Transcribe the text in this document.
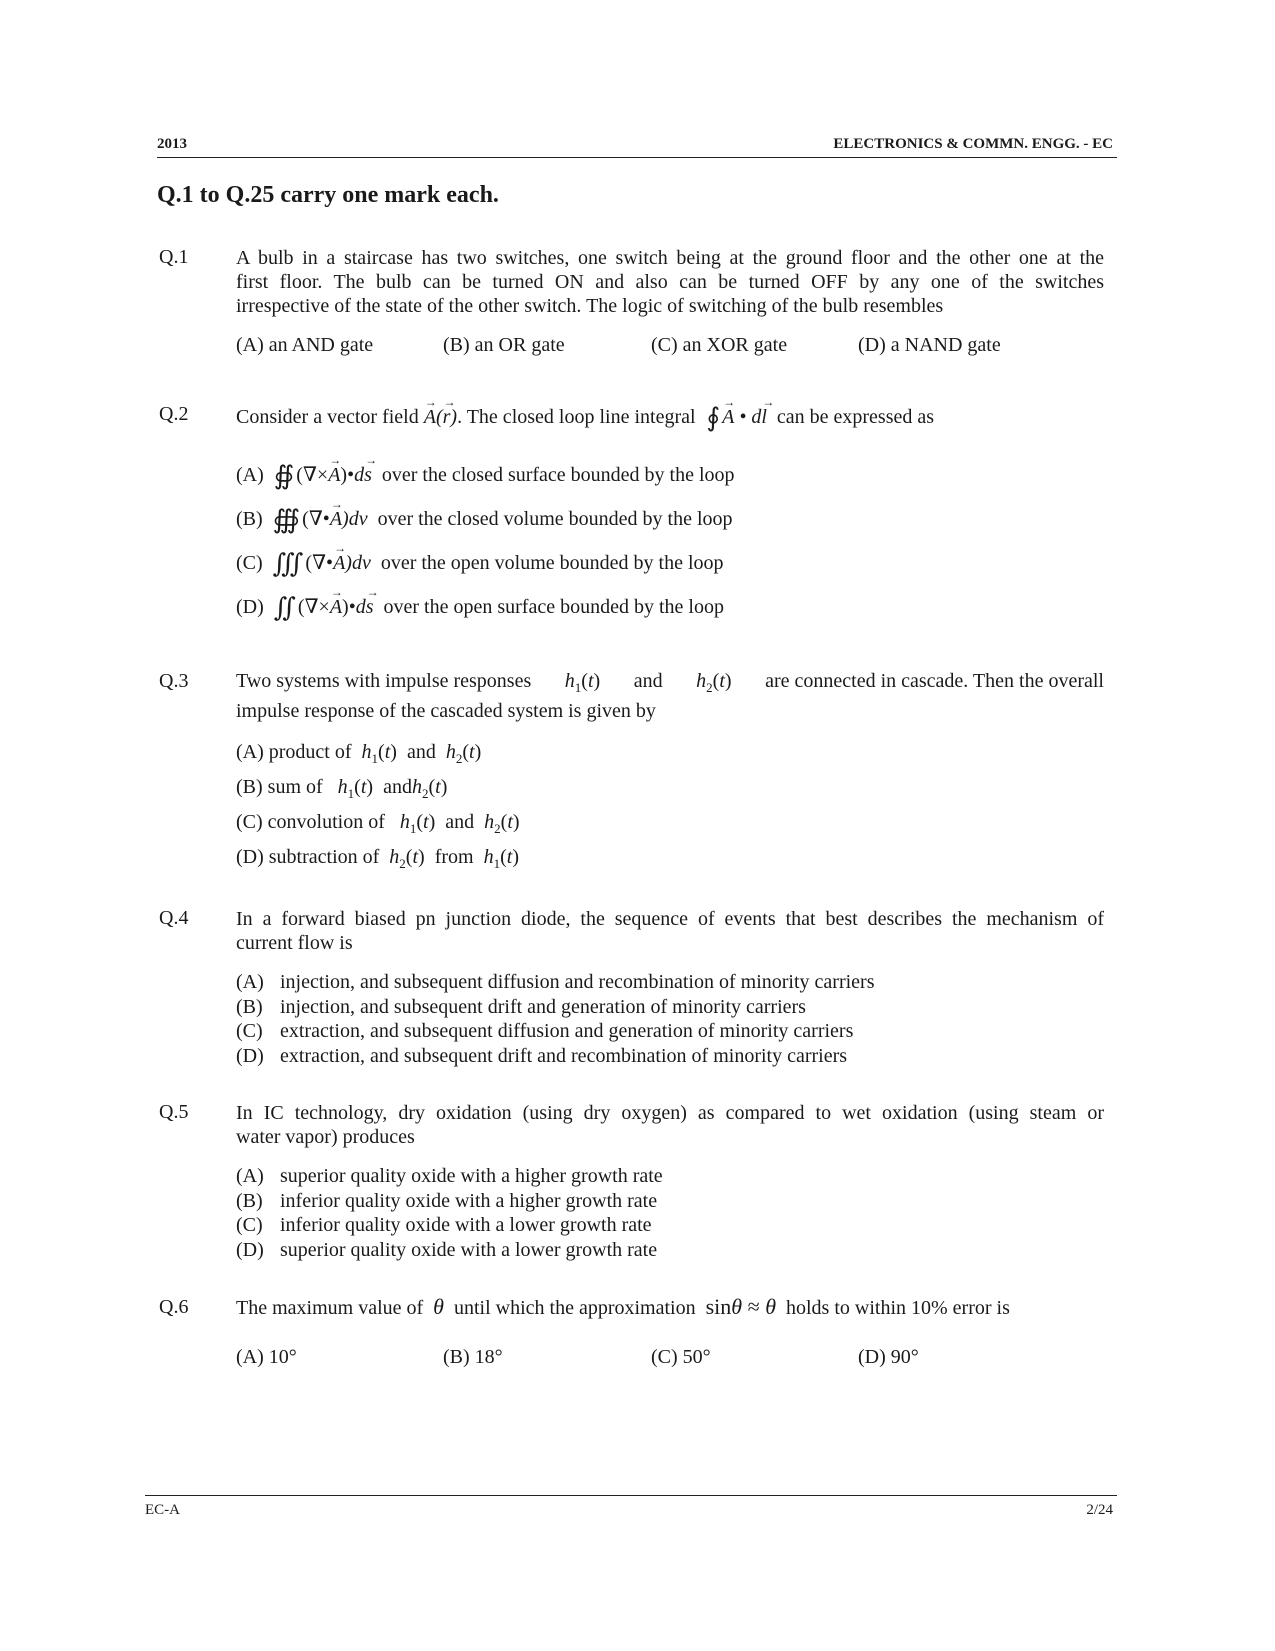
2013	ELECTRONICS & COMMN. ENGG. - EC
Q.1 to Q.25 carry one mark each.
Q.1 A bulb in a staircase has two switches, one switch being at the ground floor and the other one at the
first floor. The bulb can be turned ON and also can be turned OFF by any one of the switches
irrespective of the state of the other switch. The logic of switching of the bulb resembles
(A) an AND gate	(B) an OR gate	(C) an XOR gate	(D) a NAND gate
Q.2 Consider a vector field → A(→ r). The closed loop line integral ∮ → A • d→ l can be expressed as
(A) ∯ (∇×→ A)•d→ s over the closed surface bounded by the loop
(B) ∰ (∇•→ A)dv over the closed volume bounded by the loop
(C) ∭ (∇•→ A)dv over the open volume bounded by the loop
(D) ∬ (∇×→ A)•d→ s over the open surface bounded by the loop
Q.3 Two systems with impulse responses $h_1(t)$ and $h_2(t)$ are connected in cascade. Then the overall
impulse response of the cascaded system is given by
(A) product of $h_1(t)$  and $h_2(t)$
(B) sum of $h_1(t)$  andh$_2$(t)
(C) convolution of $h_1(t)$  and $h_2(t)$
(D) subtraction of $h_2(t)$  from $h_1(t)$
Q.4 In a forward biased pn junction diode, the sequence of events that best describes the mechanism of
current flow is
(A) injection, and subsequent diffusion and recombination of minority carriers
(B) injection, and subsequent drift and generation of minority carriers
(C) extraction, and subsequent diffusion and generation of minority carriers
(D) extraction, and subsequent drift and recombination of minority carriers
Q.5 In IC technology, dry oxidation (using dry oxygen) as compared to wet oxidation (using steam or
water vapor) produces
(A) superior quality oxide with a higher growth rate
(B) inferior quality oxide with a higher growth rate
(C) inferior quality oxide with a lower growth rate
(D) superior quality oxide with a lower growth rate
Q.6 The maximum value of θ until which the approximation sinθ ≈ θ holds to within 10% error is
(A) 10°	(B) 18°	(C) 50°	(D) 90°
EC-A	2/24
